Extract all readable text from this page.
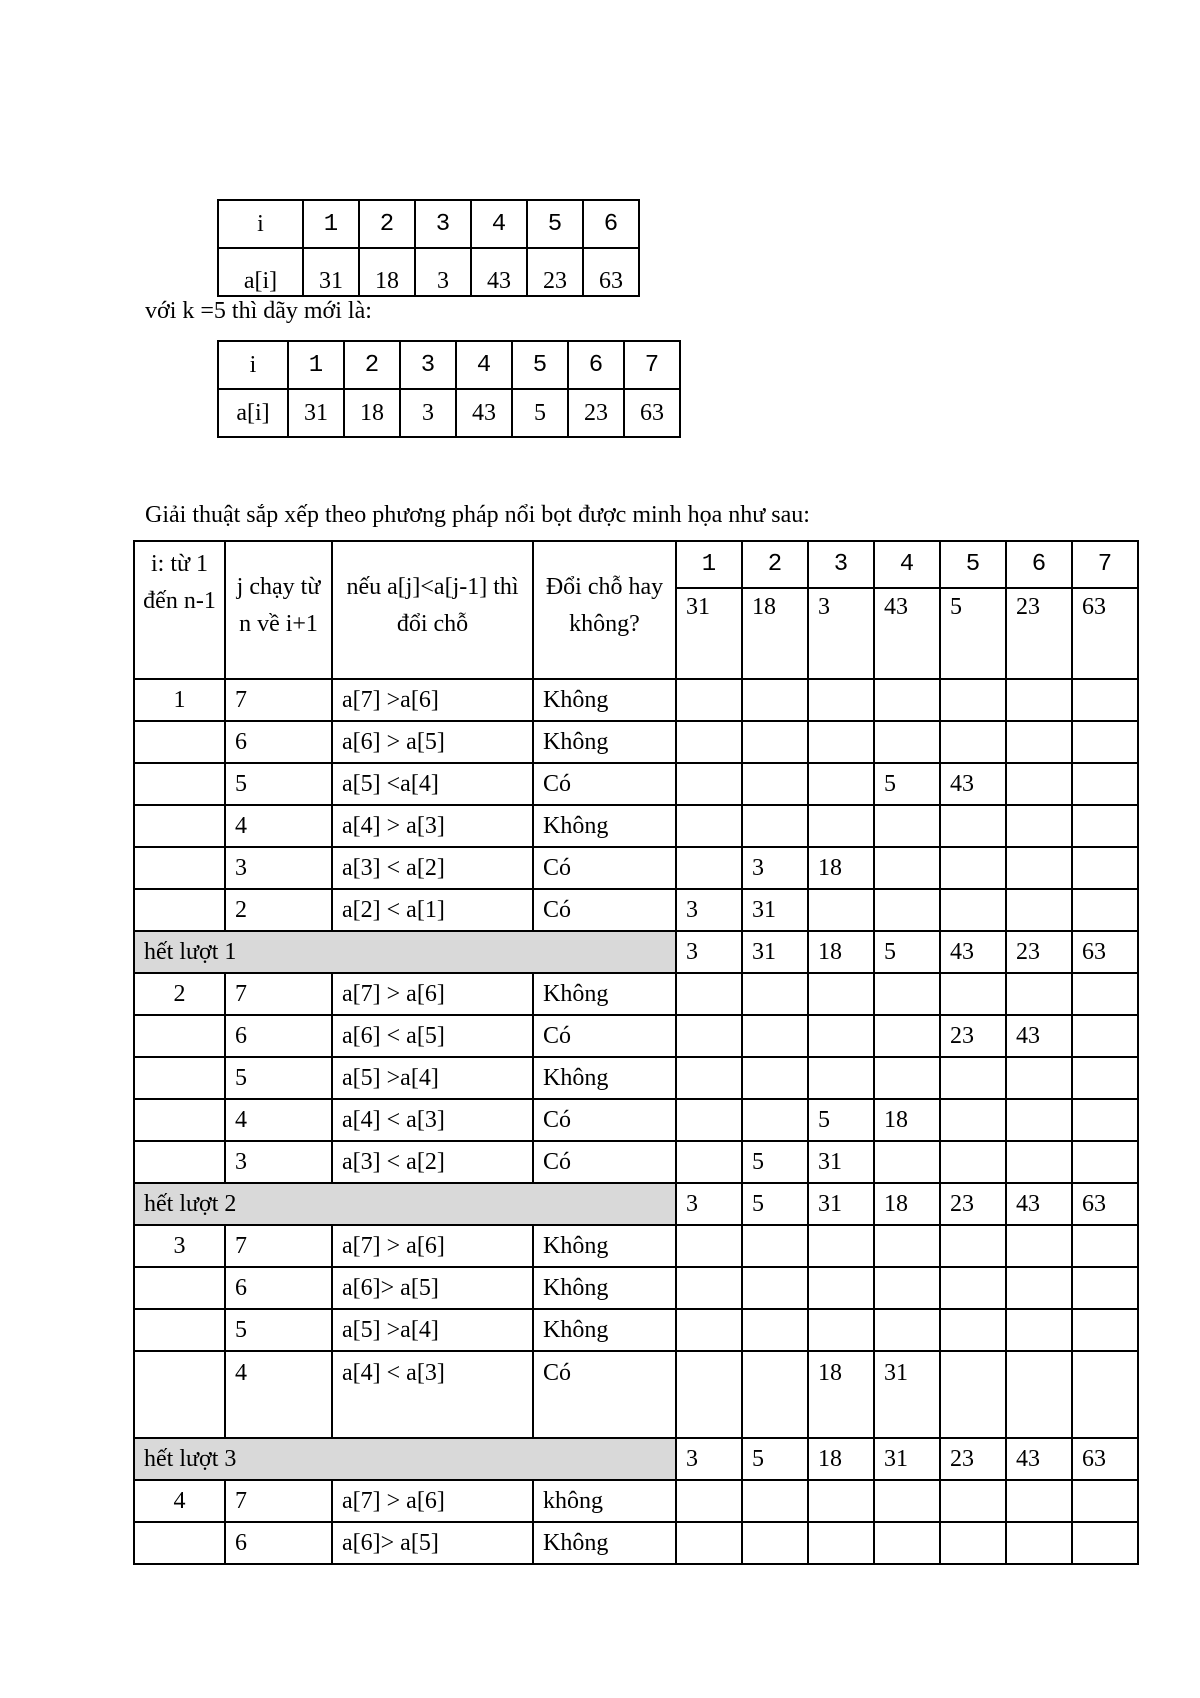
i	1	2	3	4	5	6
a[i]	31	18	3	43	23	63
với k =5 thì dãy mới là:
i	1	2	3	4	5	6	7
a[i]	31	18	3	43	5	23	63
Giải thuật sắp xếp theo phương pháp nổi bọt được minh họa như sau:
i: từ 1 đến n-1	j chạy từ n về i+1	nếu a[j]<a[j-1] thì đổi chỗ	Đổi chỗ hay không?	1	2	3	4	5	6	7
				31	18	3	43	5	23	63
1	7	a[7] >a[6]	Không							
	6	a[6] > a[5]	Không							
	5	a[5] <a[4]	Có				5	43		
	4	a[4] > a[3]	Không							
	3	a[3] < a[2]	Có		3	18				
	2	a[2] < a[1]	Có	3	31					
hết lượt 1				3	31	18	5	43	23	63
2	7	a[7] > a[6]	Không							
	6	a[6] < a[5]	Có					23	43	
	5	a[5] >a[4]	Không							
	4	a[4] < a[3]	Có			5	18			
	3	a[3] < a[2]	Có		5	31				
hết lượt 2				3	5	31	18	23	43	63
3	7	a[7] > a[6]	Không							
	6	a[6]> a[5]	Không							
	5	a[5] >a[4]	Không							
	4	a[4] < a[3]	Có			18	31			
hết lượt 3				3	5	18	31	23	43	63
4	7	a[7] > a[6]	không							
	6	a[6]> a[5]	Không							
